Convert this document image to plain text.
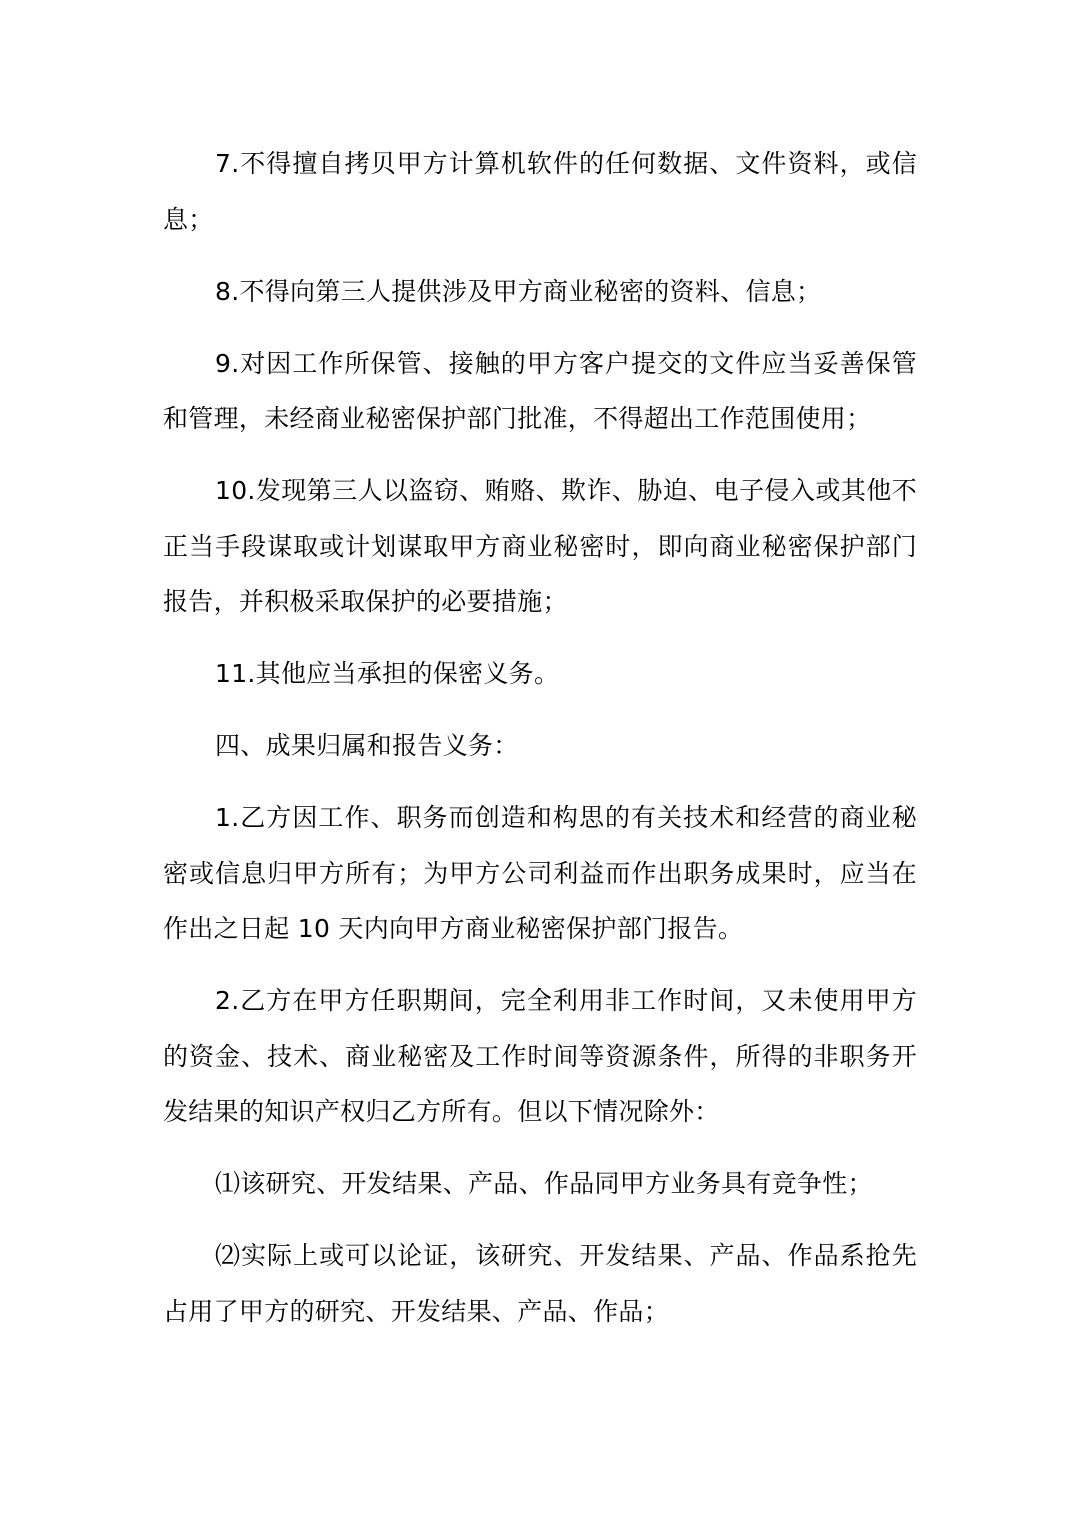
7.不得擅自拷贝甲方计算机软件的任何数据、文件资料，或信息；

8.不得向第三人提供涉及甲方商业秘密的资料、信息；

9.对因工作所保管、接触的甲方客户提交的文件应当妥善保管和管理，未经商业秘密保护部门批准，不得超出工作范围使用；

10.发现第三人以盗窃、贿赂、欺诈、胁迫、电子侵入或其他不正当手段谋取或计划谋取甲方商业秘密时，即向商业秘密保护部门报告，并积极采取保护的必要措施；

11.其他应当承担的保密义务。

四、成果归属和报告义务：

1.乙方因工作、职务而创造和构思的有关技术和经营的商业秘密或信息归甲方所有；为甲方公司利益而作出职务成果时，应当在作出之日起 10 天内向甲方商业秘密保护部门报告。

2.乙方在甲方任职期间，完全利用非工作时间，又未使用甲方的资金、技术、商业秘密及工作时间等资源条件，所得的非职务开发结果的知识产权归乙方所有。但以下情况除外：

⑴该研究、开发结果、产品、作品同甲方业务具有竞争性；

⑵实际上或可以论证，该研究、开发结果、产品、作品系抢先占用了甲方的研究、开发结果、产品、作品；
